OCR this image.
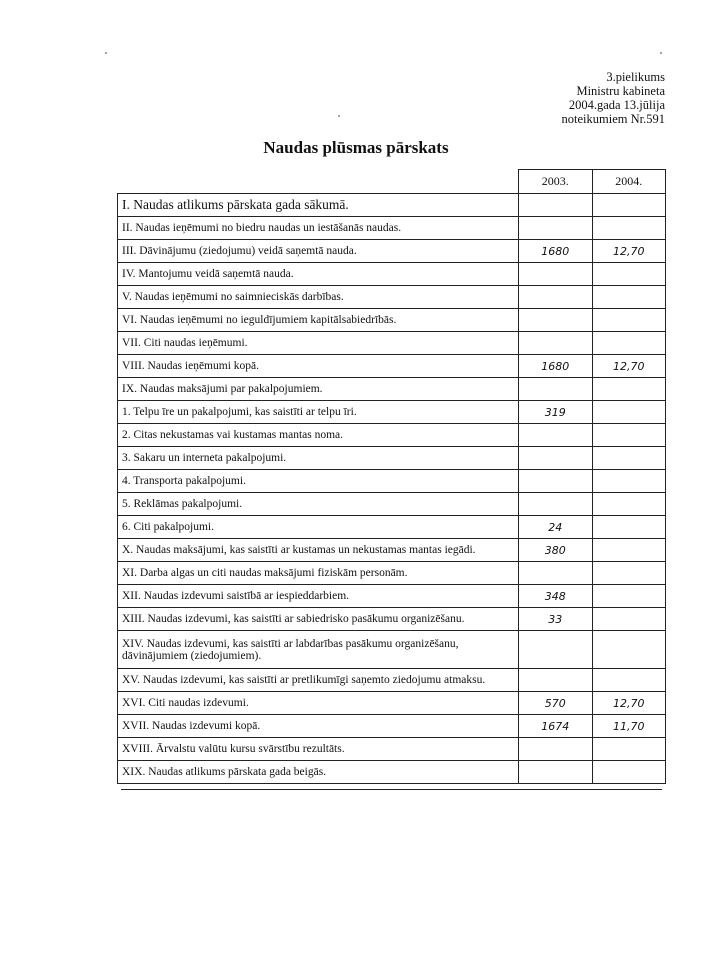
3.pielikums
Ministru kabineta
2004.gada 13.jūlija
noteikumiem Nr.591
Naudas plūsmas pārskats
	2003.	2004.
I. Naudas atlikums pārskata gada sākumā.		
II. Naudas ieņēmumi no biedru naudas un iestāšanās naudas.		
III. Dāvinājumu (ziedojumu) veidā saņemtā nauda.	1680	12,70
IV. Mantojumu veidā saņemtā nauda.		
V. Naudas ieņēmumi no saimnieciskās darbības.		
VI. Naudas ieņēmumi no ieguldījumiem kapitālsabiedrībās.		
VII. Citi naudas ieņēmumi.		
VIII. Naudas ieņēmumi kopā.	1680	12,70
IX. Naudas maksājumi par pakalpojumiem.		
1. Telpu īre un pakalpojumi, kas saistīti ar telpu īri.	319	
2. Citas nekustamas vai kustamas mantas noma.		
3. Sakaru un interneta pakalpojumi.		
4. Transporta pakalpojumi.		
5. Reklāmas pakalpojumi.		
6. Citi pakalpojumi.	24	
X. Naudas maksājumi, kas saistīti ar kustamas un nekustamas mantas iegādi.	380	
XI. Darba algas un citi naudas maksājumi fiziskām personām.		
XII. Naudas izdevumi saistībā ar iespieddarbiem.	348	
XIII. Naudas izdevumi, kas saistīti ar sabiedrisko pasākumu organizēšanu.	33	
XIV. Naudas izdevumi, kas saistīti ar labdarības pasākumu organizēšanu, dāvinājumiem (ziedojumiem).		
XV. Naudas izdevumi, kas saistīti ar pretlikumīgi saņemto ziedojumu atmaksu.		
XVI. Citi naudas izdevumi.	570	12,70
XVII. Naudas izdevumi kopā.	1674	11,70
XVIII. Ārvalstu valūtu kursu svārstību rezultāts.		
XIX. Naudas atlikums pārskata gada beigās.		
